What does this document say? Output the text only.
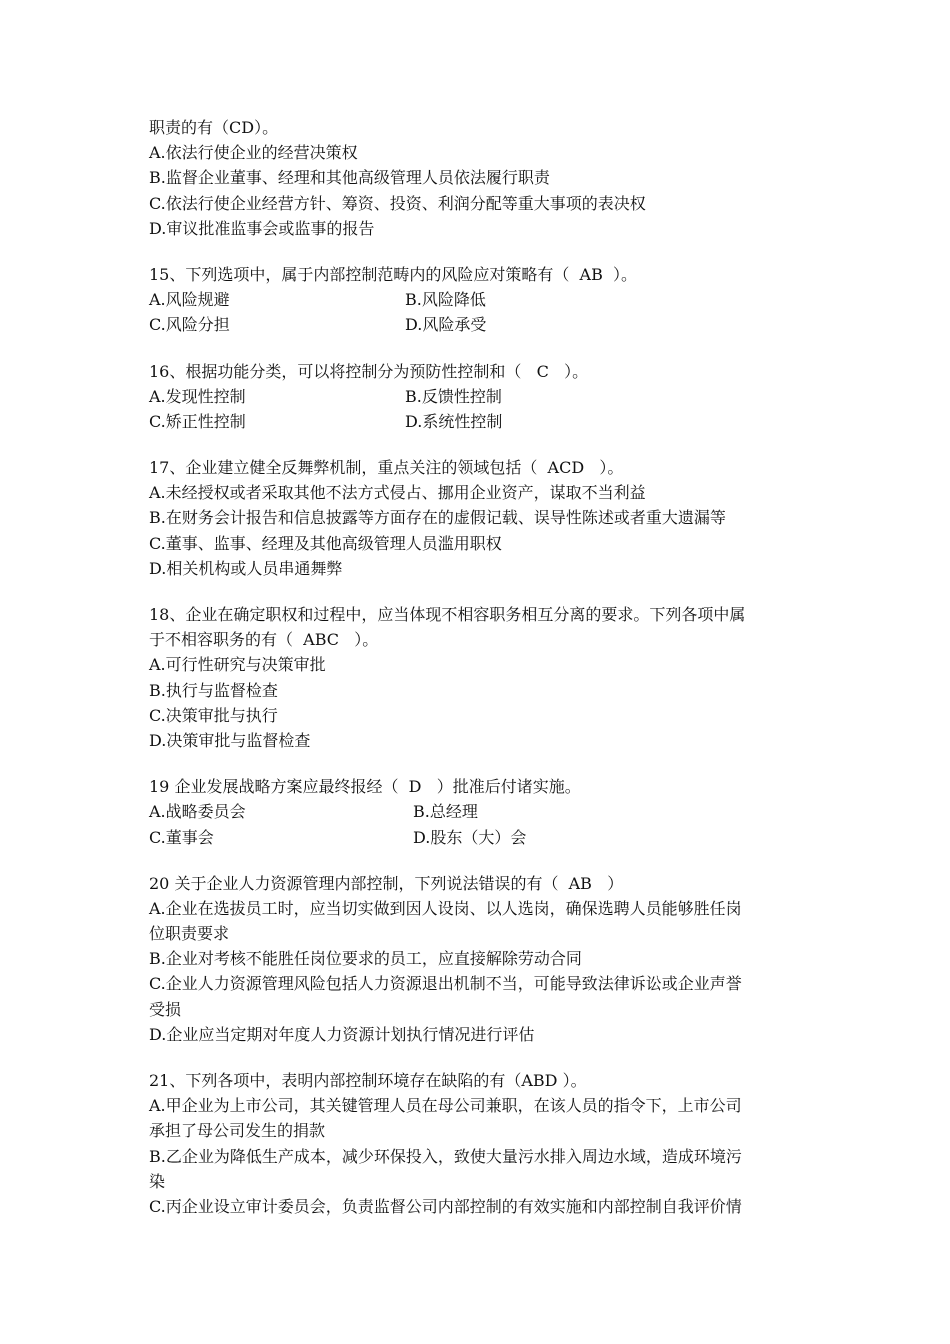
职责的有（CD）。
A.依法行使企业的经营决策权
B.监督企业董事、经理和其他高级管理人员依法履行职责
C.依法行使企业经营方针、筹资、投资、利润分配等重大事项的表决权
D.审议批准监事会或监事的报告
15、下列选项中，属于内部控制范畴内的风险应对策略有（  AB  ）。
A.风险规避	B.风险降低
C.风险分担	D.风险承受
16、根据功能分类，可以将控制分为预防性控制和（   C   ）。
A.发现性控制	B.反馈性控制
C.矫正性控制	D.系统性控制
17、企业建立健全反舞弊机制，重点关注的领域包括（  ACD   ）。
A.未经授权或者采取其他不法方式侵占、挪用企业资产，谋取不当利益
B.在财务会计报告和信息披露等方面存在的虚假记载、误导性陈述或者重大遗漏等
C.董事、监事、经理及其他高级管理人员滥用职权
D.相关机构或人员串通舞弊
18、企业在确定职权和过程中，应当体现不相容职务相互分离的要求。下列各项中属
于不相容职务的有（  ABC   ）。
A.可行性研究与决策审批
B.执行与监督检查
C.决策审批与执行
D.决策审批与监督检查
19 企业发展战略方案应最终报经（  D   ）批准后付诸实施。
A.战略委员会	B.总经理
C.董事会	D.股东（大）会
20 关于企业人力资源管理内部控制，下列说法错误的有（  AB   ）
A.企业在选拔员工时，应当切实做到因人设岗、以人选岗，确保选聘人员能够胜任岗
位职责要求
B.企业对考核不能胜任岗位要求的员工，应直接解除劳动合同
C.企业人力资源管理风险包括人力资源退出机制不当，可能导致法律诉讼或企业声誉
受损
D.企业应当定期对年度人力资源计划执行情况进行评估
21、下列各项中，表明内部控制环境存在缺陷的有（ABD ）。
A.甲企业为上市公司，其关键管理人员在母公司兼职，在该人员的指令下，上市公司
承担了母公司发生的捐款
B.乙企业为降低生产成本，减少环保投入，致使大量污水排入周边水域，造成环境污
染
C.丙企业设立审计委员会，负责监督公司内部控制的有效实施和内部控制自我评价情
